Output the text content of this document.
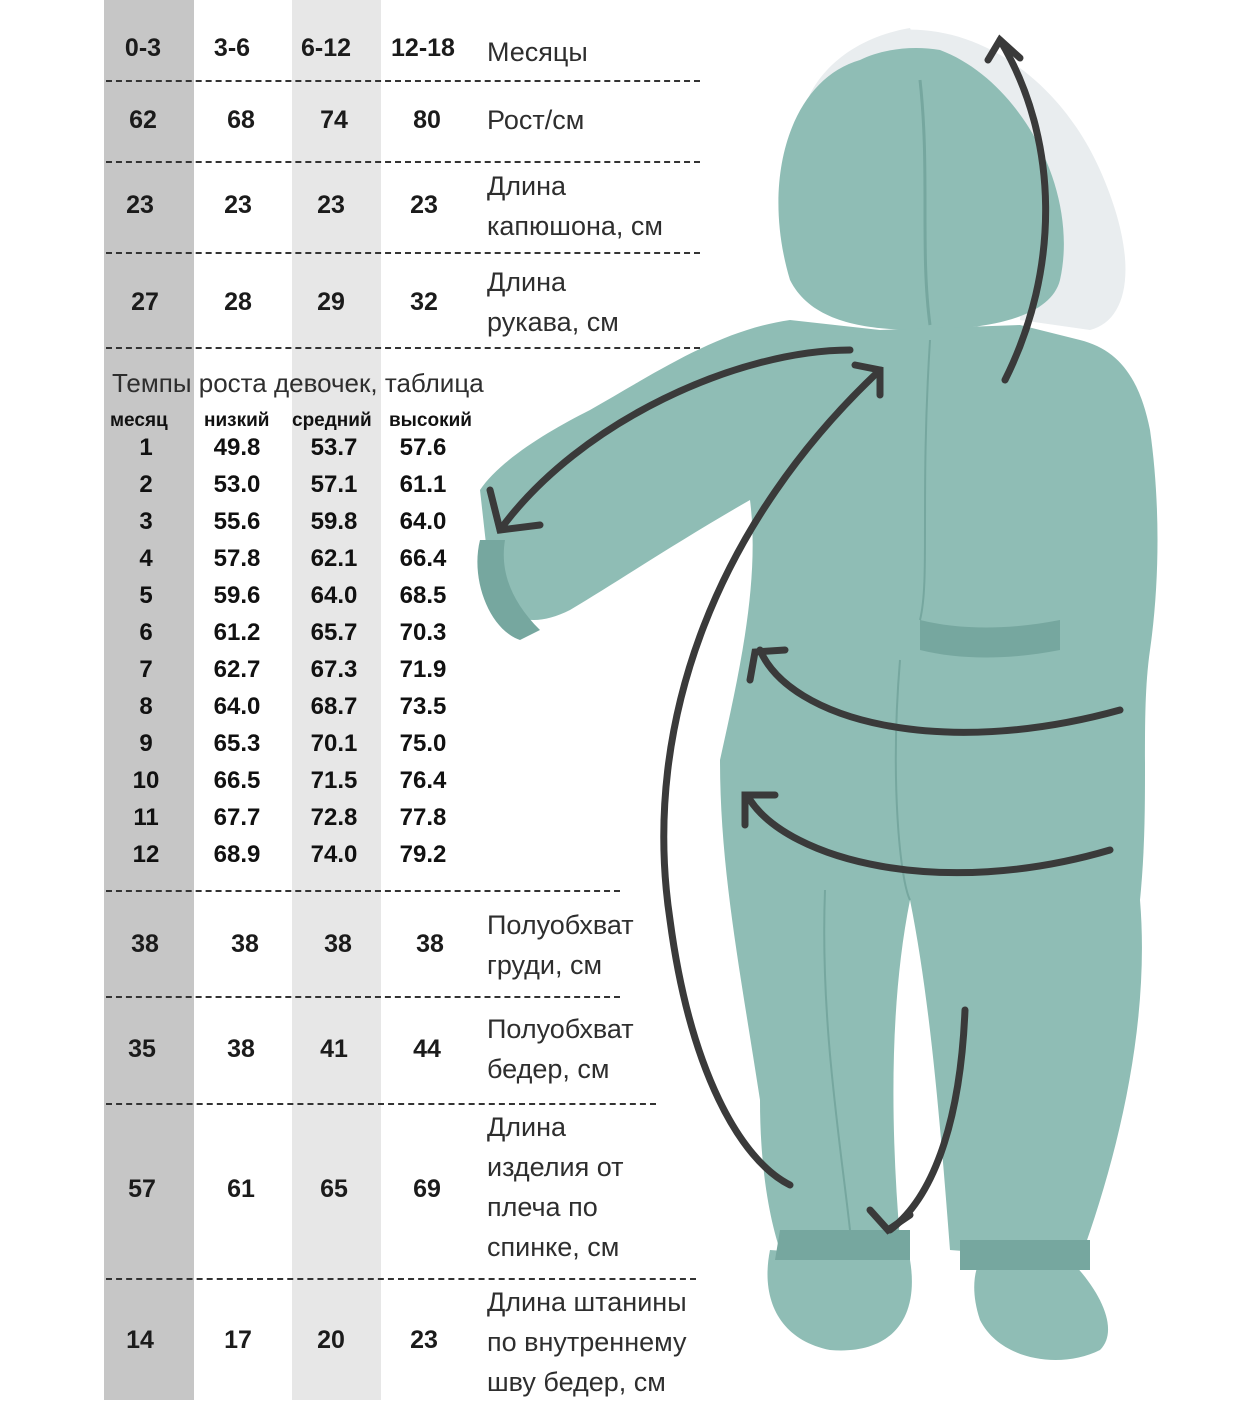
0-3 3-6 6-12 12-18 Месяцы
62	68	74	80 Рост/см
23	23	23	23
Длина
капюшона, см
27	28	29	32
Длина
рукава, см
Темпы роста девочек, таблица
месяц низкий средний высокий
1	49.8 53.7 57.6
2	53.0 57.1 61.1
3	55.6 59.8 64.0
4	57.8 62.1 66.4
5	59.6 64.0 68.5
6	61.2 65.7 70.3
7	62.7 67.3 71.9
8	64.0 68.7 73.5
9	65.3 70.1 75.0
10 66.5 71.5 76.4
11 67.7 72.8 77.8
12 68.9 74.0 79.2
38	38	38	38
Полуобхват
груди, см
35	38	41	44
Полуобхват
бедер, см
57	61	65	69
Длина
изделия от
плеча по
спинке, см
14	17	20	23
Длина штанины
по внутреннему
шву бедер, см
